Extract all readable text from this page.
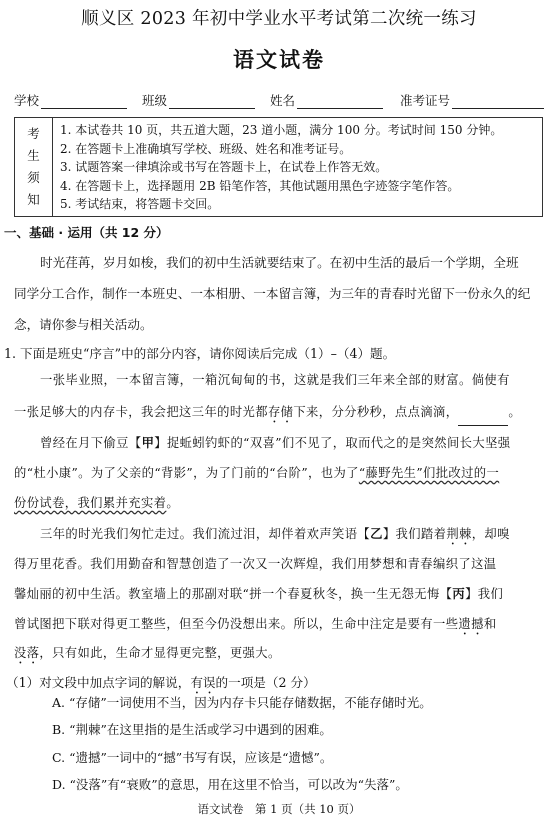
顺义区 2023 年初中学业水平考试第二次统一练习
语文试卷
学校	班级	姓名	准考证号
考
生
须
知
1. 本试卷共 10 页，共五道大题，23 道小题，满分 100 分。考试时间 150 分钟。
2. 在答题卡上准确填写学校、班级、姓名和准考证号。
3. 试题答案一律填涂或书写在答题卡上，在试卷上作答无效。
4. 在答题卡上，选择题用 2B 铅笔作答，其他试题用黑色字迹签字笔作答。
5. 考试结束，将答题卡交回。
一、基础 · 运用（共 12 分）
时光荏苒，岁月如梭，我们的初中生活就要结束了。在初中生活的最后一个学期，全班
同学分工合作，制作一本班史、一本相册、一本留言簿，为三年的青春时光留下一份永久的纪
念，请你参与相关活动。
1. 下面是班史“序言”中的部分内容，请你阅读后完成（1）–（4）题。
一张毕业照，一本留言簿，一箱沉甸甸的书，这就是我们三年来全部的财富。倘使有
一张足够大的内存卡，我会把这三年的时光都存储下来，分分秒秒，点点滴滴，	。
曾经在月下偷豆【甲】捉蚯蚓钓虾的“双喜”们不见了，取而代之的是突然间长大坚强
的“杜小康”。为了父亲的“背影”，为了门前的“台阶”，也为了“藤野先生”们批改过的一
份份试卷，我们累并充实着。
三年的时光我们匆忙走过。我们流过泪，却伴着欢声笑语【乙】我们踏着荆棘，却嗅
得万里花香。我们用勤奋和智慧创造了一次又一次辉煌，我们用梦想和青春编织了这温
馨灿丽的初中生活。教室墙上的那副对联“拼一个春夏秋冬，换一生无怨无悔【丙】我们
曾试图把下联对得更工整些，但至今仍没想出来。所以，生命中注定是要有一些遗撼和
没落，只有如此，生命才显得更完整，更强大。
（1）对文段中加点字词的解说，有误的一项是（2 分）
A. “存储”一词使用不当，因为内存卡只能存储数据，不能存储时光。
B. “荆棘”在这里指的是生活或学习中遇到的困难。
C. “遗撼”一词中的“撼”书写有误，应该是“遗憾”。
D. “没落”有“衰败”的意思，用在这里不恰当，可以改为“失落”。
语文试卷　第 1 页（共 10 页）
